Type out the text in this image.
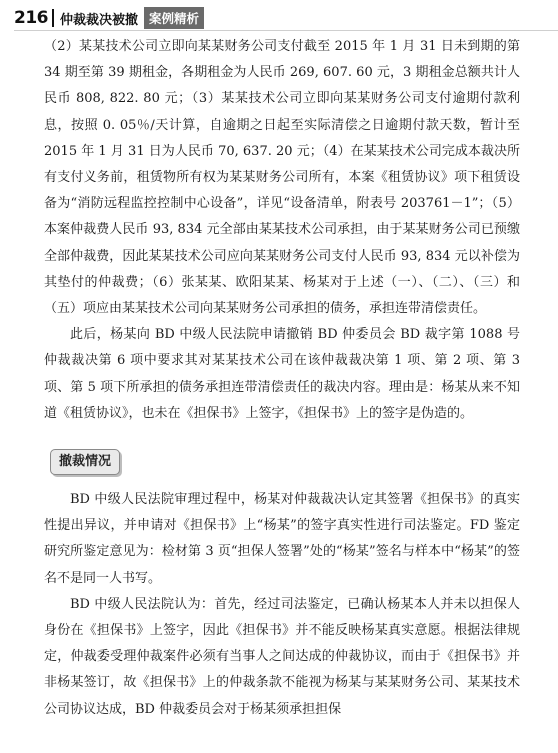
216 仲裁裁决被撤 案例精析

（2）某某技术公司立即向某某财务公司支付截至 2015 年 1 月 31 日未到期的第 34 期至第 39 期租金，各期租金为人民币 269, 607. 60 元，3 期租金总额共计人民币 808, 822. 80 元；（3）某某技术公司立即向某某财务公司支付逾期付款利息，按照 0. 05％/天计算，自逾期之日起至实际清偿之日逾期付款天数，暂计至 2015 年 1 月 31 日为人民币 70, 637. 20 元；（4）在某某技术公司完成本裁决所有支付义务前，租赁物所有权为某某财务公司所有，本案《租赁协议》项下租赁设备为“消防远程监控控制中心设备”，详见“设备清单，附表号 203761－1”；（5）本案仲裁费人民币 93, 834 元全部由某某技术公司承担，由于某某财务公司已预缴全部仲裁费，因此某某技术公司应向某某财务公司支付人民币 93, 834 元以补偿为其垫付的仲裁费；（6）张某某、欧阳某某、杨某对于上述（一）、（二）、（三）和（五）项应由某某技术公司向某某财务公司承担的债务，承担连带清偿责任。

此后，杨某向 BD 中级人民法院申请撤销 BD 仲委员会 BD 裁字第 1088 号仲裁裁决第 6 项中要求其对某某技术公司在该仲裁裁决第 1 项、第 2 项、第 3 项、第 5 项下所承担的债务承担连带清偿责任的裁决内容。理由是：杨某从来不知道《租赁协议》，也未在《担保书》上签字，《担保书》上的签字是伪造的。

撤裁情况

BD 中级人民法院审理过程中，杨某对仲裁裁决认定其签署《担保书》的真实性提出异议，并申请对《担保书》上“杨某”的签字真实性进行司法鉴定。FD 鉴定研究所鉴定意见为：检材第 3 页“担保人签署”处的“杨某”签名与样本中“杨某”的签名不是同一人书写。

BD 中级人民法院认为：首先，经过司法鉴定，已确认杨某本人并未以担保人身份在《担保书》上签字，因此《担保书》并不能反映杨某真实意愿。根据法律规定，仲裁委受理仲裁案件必须有当事人之间达成的仲裁协议，而由于《担保书》并非杨某签订，故《担保书》上的仲裁条款不能视为杨某与某某财务公司、某某技术公司协议达成，BD 仲裁委员会对于杨某须承担担保
